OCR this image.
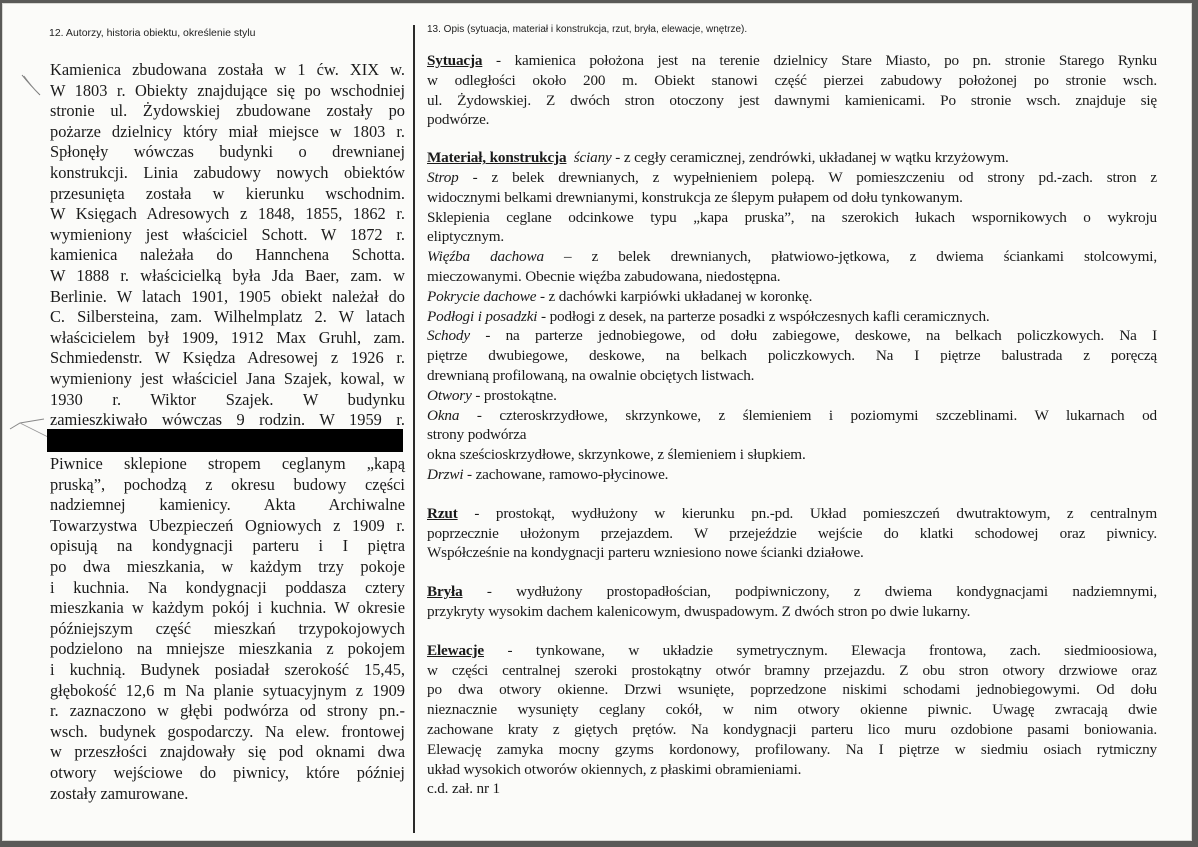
12. Autorzy, historia obiektu, określenie stylu
Kamienica zbudowana została w 1 ćw. XIX w.
W 1803 r. Obiekty znajdujące się po wschodniej
stronie ul. Żydowskiej zbudowane zostały po
pożarze dzielnicy który miał miejsce w 1803 r.
Spłonęły wówczas budynki o drewnianej
konstrukcji. Linia zabudowy nowych obiektów
przesunięta została w kierunku wschodnim.
W Księgach Adresowych z 1848, 1855, 1862 r.
wymieniony jest właściciel Schott. W 1872 r.
kamienica należała do Hannchena Schotta.
W 1888 r. właścicielką była Jda Baer, zam. w
Berlinie. W latach 1901, 1905 obiekt należał do
C. Silbersteina, zam. Wilhelmplatz 2. W latach
właścicielem był 1909, 1912 Max Gruhl, zam.
Schmiedenstr. W Księdza Adresowej z 1926 r.
wymieniony jest właściciel Jana Szajek, kowal, w
1930 r. Wiktor Szajek. W budynku
zamieszkiwało wówczas 9 rodzin. W 1959 r.
Piwnice sklepione stropem ceglanym „kapą
pruską”, pochodzą z okresu budowy części
nadziemnej kamienicy. Akta Archiwalne
Towarzystwa Ubezpieczeń Ogniowych z 1909 r.
opisują na kondygnacji parteru i I piętra
po dwa mieszkania, w każdym trzy pokoje
i kuchnia. Na kondygnacji poddasza cztery
mieszkania w każdym pokój i kuchnia. W okresie
późniejszym część mieszkań trzypokojowych
podzielono na mniejsze mieszkania z pokojem
i kuchnią. Budynek posiadał szerokość 15,45,
głębokość 12,6 m Na planie sytuacyjnym z 1909
r. zaznaczono w głębi podwórza od strony pn.-
wsch. budynek gospodarczy. Na elew. frontowej
w przeszłości znajdowały się pod oknami dwa
otwory wejściowe do piwnicy, które później
zostały zamurowane.
13. Opis (sytuacja, materiał i konstrukcja, rzut, bryła, elewacje, wnętrze).

Sytuacja - kamienica położona jest na terenie dzielnicy Stare Miasto, po pn. stronie Starego Rynku

w odległości około 200 m. Obiekt stanowi część pierzei zabudowy położonej po stronie wsch.

ul. Żydowskiej. Z dwóch stron otoczony jest dawnymi kamienicami. Po stronie wsch. znajduje się

podwórze.

Materiał, konstrukcja ściany - z cegły ceramicznej, zendrówki, układanej w wątku krzyżowym.

Strop - z belek drewnianych, z wypełnieniem polepą. W pomieszczeniu od strony pd.-zach. stron z

widocznymi belkami drewnianymi, konstrukcja ze ślepym pułapem od dołu tynkowanym.

Sklepienia ceglane odcinkowe typu „kapa pruska”, na szerokich łukach wspornikowych o wykroju

eliptycznym.

Więźba dachowa – z belek drewnianych, płatwiowo-jętkowa, z dwiema ściankami stolcowymi,

mieczowanymi. Obecnie więźba zabudowana, niedostępna.

Pokrycie dachowe - z dachówki karpiówki układanej w koronkę.

Podłogi i posadzki - podłogi z desek, na parterze posadki z współczesnych kafli ceramicznych.

Schody - na parterze jednobiegowe, od dołu zabiegowe, deskowe, na belkach policzkowych. Na I

piętrze dwubiegowe, deskowe, na belkach policzkowych. Na I piętrze balustrada z poręczą

drewnianą profilowaną, na owalnie obciętych listwach.

Otwory - prostokątne.

Okna - czteroskrzydłowe, skrzynkowe, z ślemieniem i poziomymi szczeblinami. W lukarnach od

strony podwórza

okna sześcioskrzydłowe, skrzynkowe, z ślemieniem i słupkiem.

Drzwi - zachowane, ramowo-płycinowe.

Rzut - prostokąt, wydłużony w kierunku pn.-pd. Układ pomieszczeń dwutraktowym, z centralnym

poprzecznie ułożonym przejazdem. W przejeździe wejście do klatki schodowej oraz piwnicy.

Współcześnie na kondygnacji parteru wzniesiono nowe ścianki działowe.

Bryła - wydłużony prostopadłościan, podpiwniczony, z dwiema kondygnacjami nadziemnymi,

przykryty wysokim dachem kalenicowym, dwuspadowym. Z dwóch stron po dwie lukarny.

Elewacje - tynkowane, w układzie symetrycznym. Elewacja frontowa, zach. siedmioosiowa,

w części centralnej szeroki prostokątny otwór bramny przejazdu. Z obu stron otwory drzwiowe oraz

po dwa otwory okienne. Drzwi wsunięte, poprzedzone niskimi schodami jednobiegowymi. Od dołu

nieznacznie wysunięty ceglany cokół, w nim otwory okienne piwnic. Uwagę zwracają dwie

zachowane kraty z giętych prętów. Na kondygnacji parteru lico muru ozdobione pasami boniowania.

Elewację zamyka mocny gzyms kordonowy, profilowany. Na I piętrze w siedmiu osiach rytmiczny

układ wysokich otworów okiennych, z płaskimi obramieniami.

c.d. zał. nr 1
